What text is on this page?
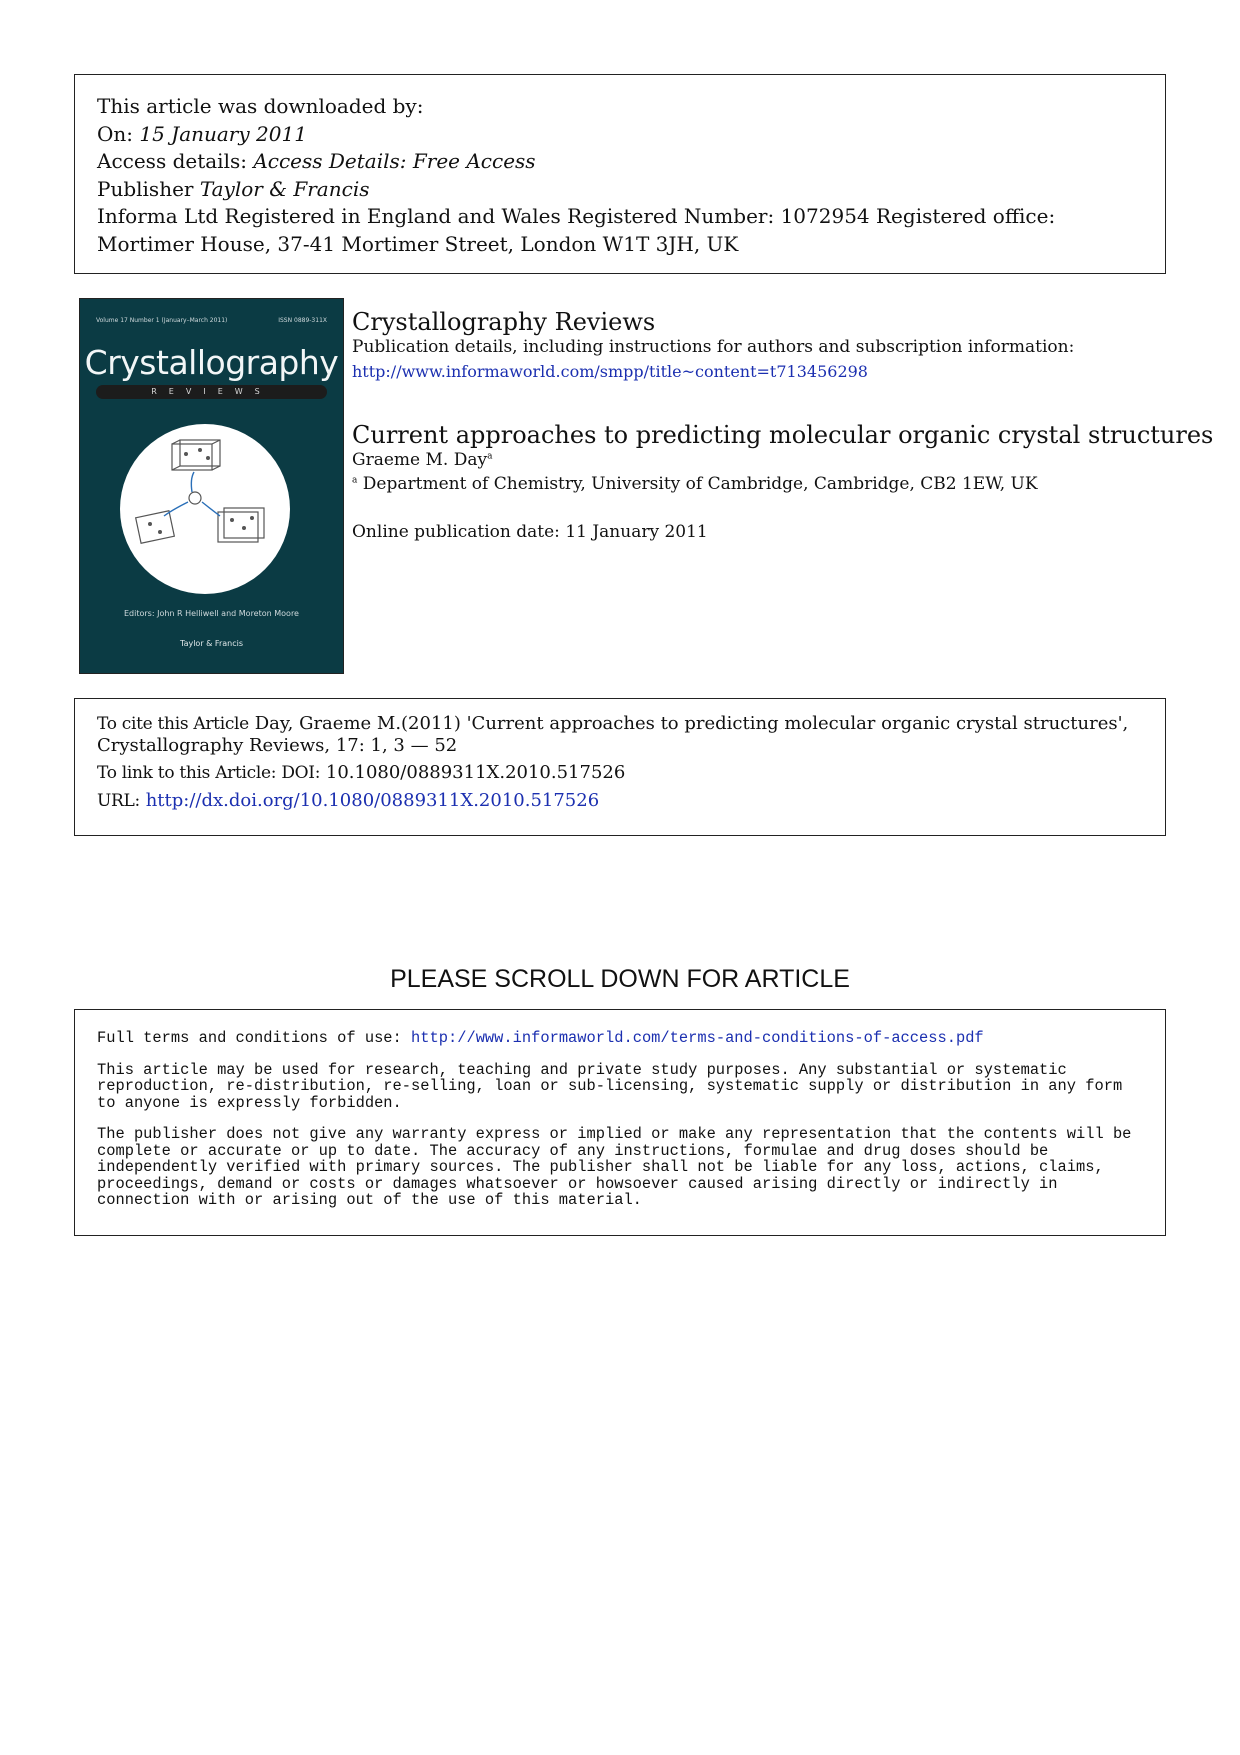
This article was downloaded by:
On: 15 January 2011
Access details: Access Details: Free Access
Publisher Taylor & Francis
Informa Ltd Registered in England and Wales Registered Number: 1072954 Registered office: Mortimer House, 37-41 Mortimer Street, London W1T 3JH, UK
Volume 17 Number 1 (January–March 2011)	ISSN 0889-311X
Crystallography
REVIEWS
Editors: John R Helliwell and Moreton Moore
Taylor & Francis
Crystallography Reviews
Publication details, including instructions for authors and subscription information:
http://www.informaworld.com/smpp/title~content=t713456298
Current approaches to predicting molecular organic crystal structures
Graeme M. Day$^a$
$^a$ Department of Chemistry, University of Cambridge, Cambridge, CB2 1EW, UK
Online publication date: 11 January 2011
To cite this Article Day, Graeme M.(2011) 'Current approaches to predicting molecular organic crystal structures', Crystallography Reviews, 17: 1, 3 — 52
To link to this Article: DOI: 10.1080/0889311X.2010.517526
URL: http://dx.doi.org/10.1080/0889311X.2010.517526
PLEASE SCROLL DOWN FOR ARTICLE

Full terms and conditions of use: http://www.informaworld.com/terms-and-conditions-of-access.pdf

This article may be used for research, teaching and private study purposes. Any substantial or systematic reproduction, re-distribution, re-selling, loan or sub-licensing, systematic supply or distribution in any form to anyone is expressly forbidden.

The publisher does not give any warranty express or implied or make any representation that the contents will be complete or accurate or up to date. The accuracy of any instructions, formulae and drug doses should be independently verified with primary sources. The publisher shall not be liable for any loss, actions, claims, proceedings, demand or costs or damages whatsoever or howsoever caused arising directly or indirectly in connection with or arising out of the use of this material.
